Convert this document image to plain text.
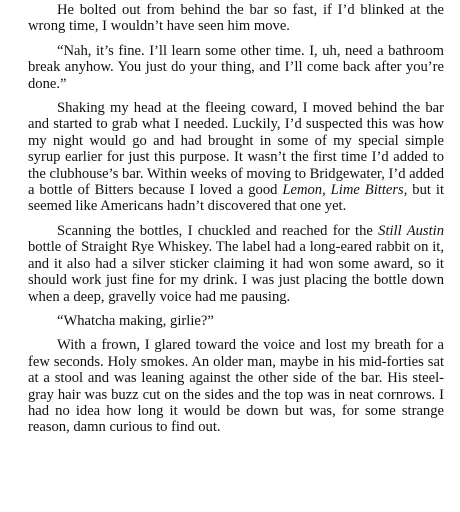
He bolted out from behind the bar so fast, if I’d blinked at the wrong time, I wouldn’t have seen him move.

“Nah, it’s fine. I’ll learn some other time. I, uh, need a bathroom break anyhow. You just do your thing, and I’ll come back after you’re done.”

Shaking my head at the fleeing coward, I moved behind the bar and started to grab what I needed. Luckily, I’d suspected this was how my night would go and had brought in some of my special simple syrup earlier for just this purpose. It wasn’t the first time I’d added to the clubhouse’s bar. Within weeks of moving to Bridgewater, I’d added a bottle of Bitters because I loved a good Lemon, Lime Bitters, but it seemed like Americans hadn’t discovered that one yet.

Scanning the bottles, I chuckled and reached for the Still Austin bottle of Straight Rye Whiskey. The label had a long-eared rabbit on it, and it also had a silver sticker claiming it had won some award, so it should work just fine for my drink. I was just placing the bottle down when a deep, gravelly voice had me pausing.

“Whatcha making, girlie?”

With a frown, I glared toward the voice and lost my breath for a few seconds. Holy smokes. An older man, maybe in his mid-forties sat at a stool and was leaning against the other side of the bar. His steel-gray hair was buzz cut on the sides and the top was in neat cornrows. I had no idea how long it would be down but was, for some strange reason, damn curious to find out.
